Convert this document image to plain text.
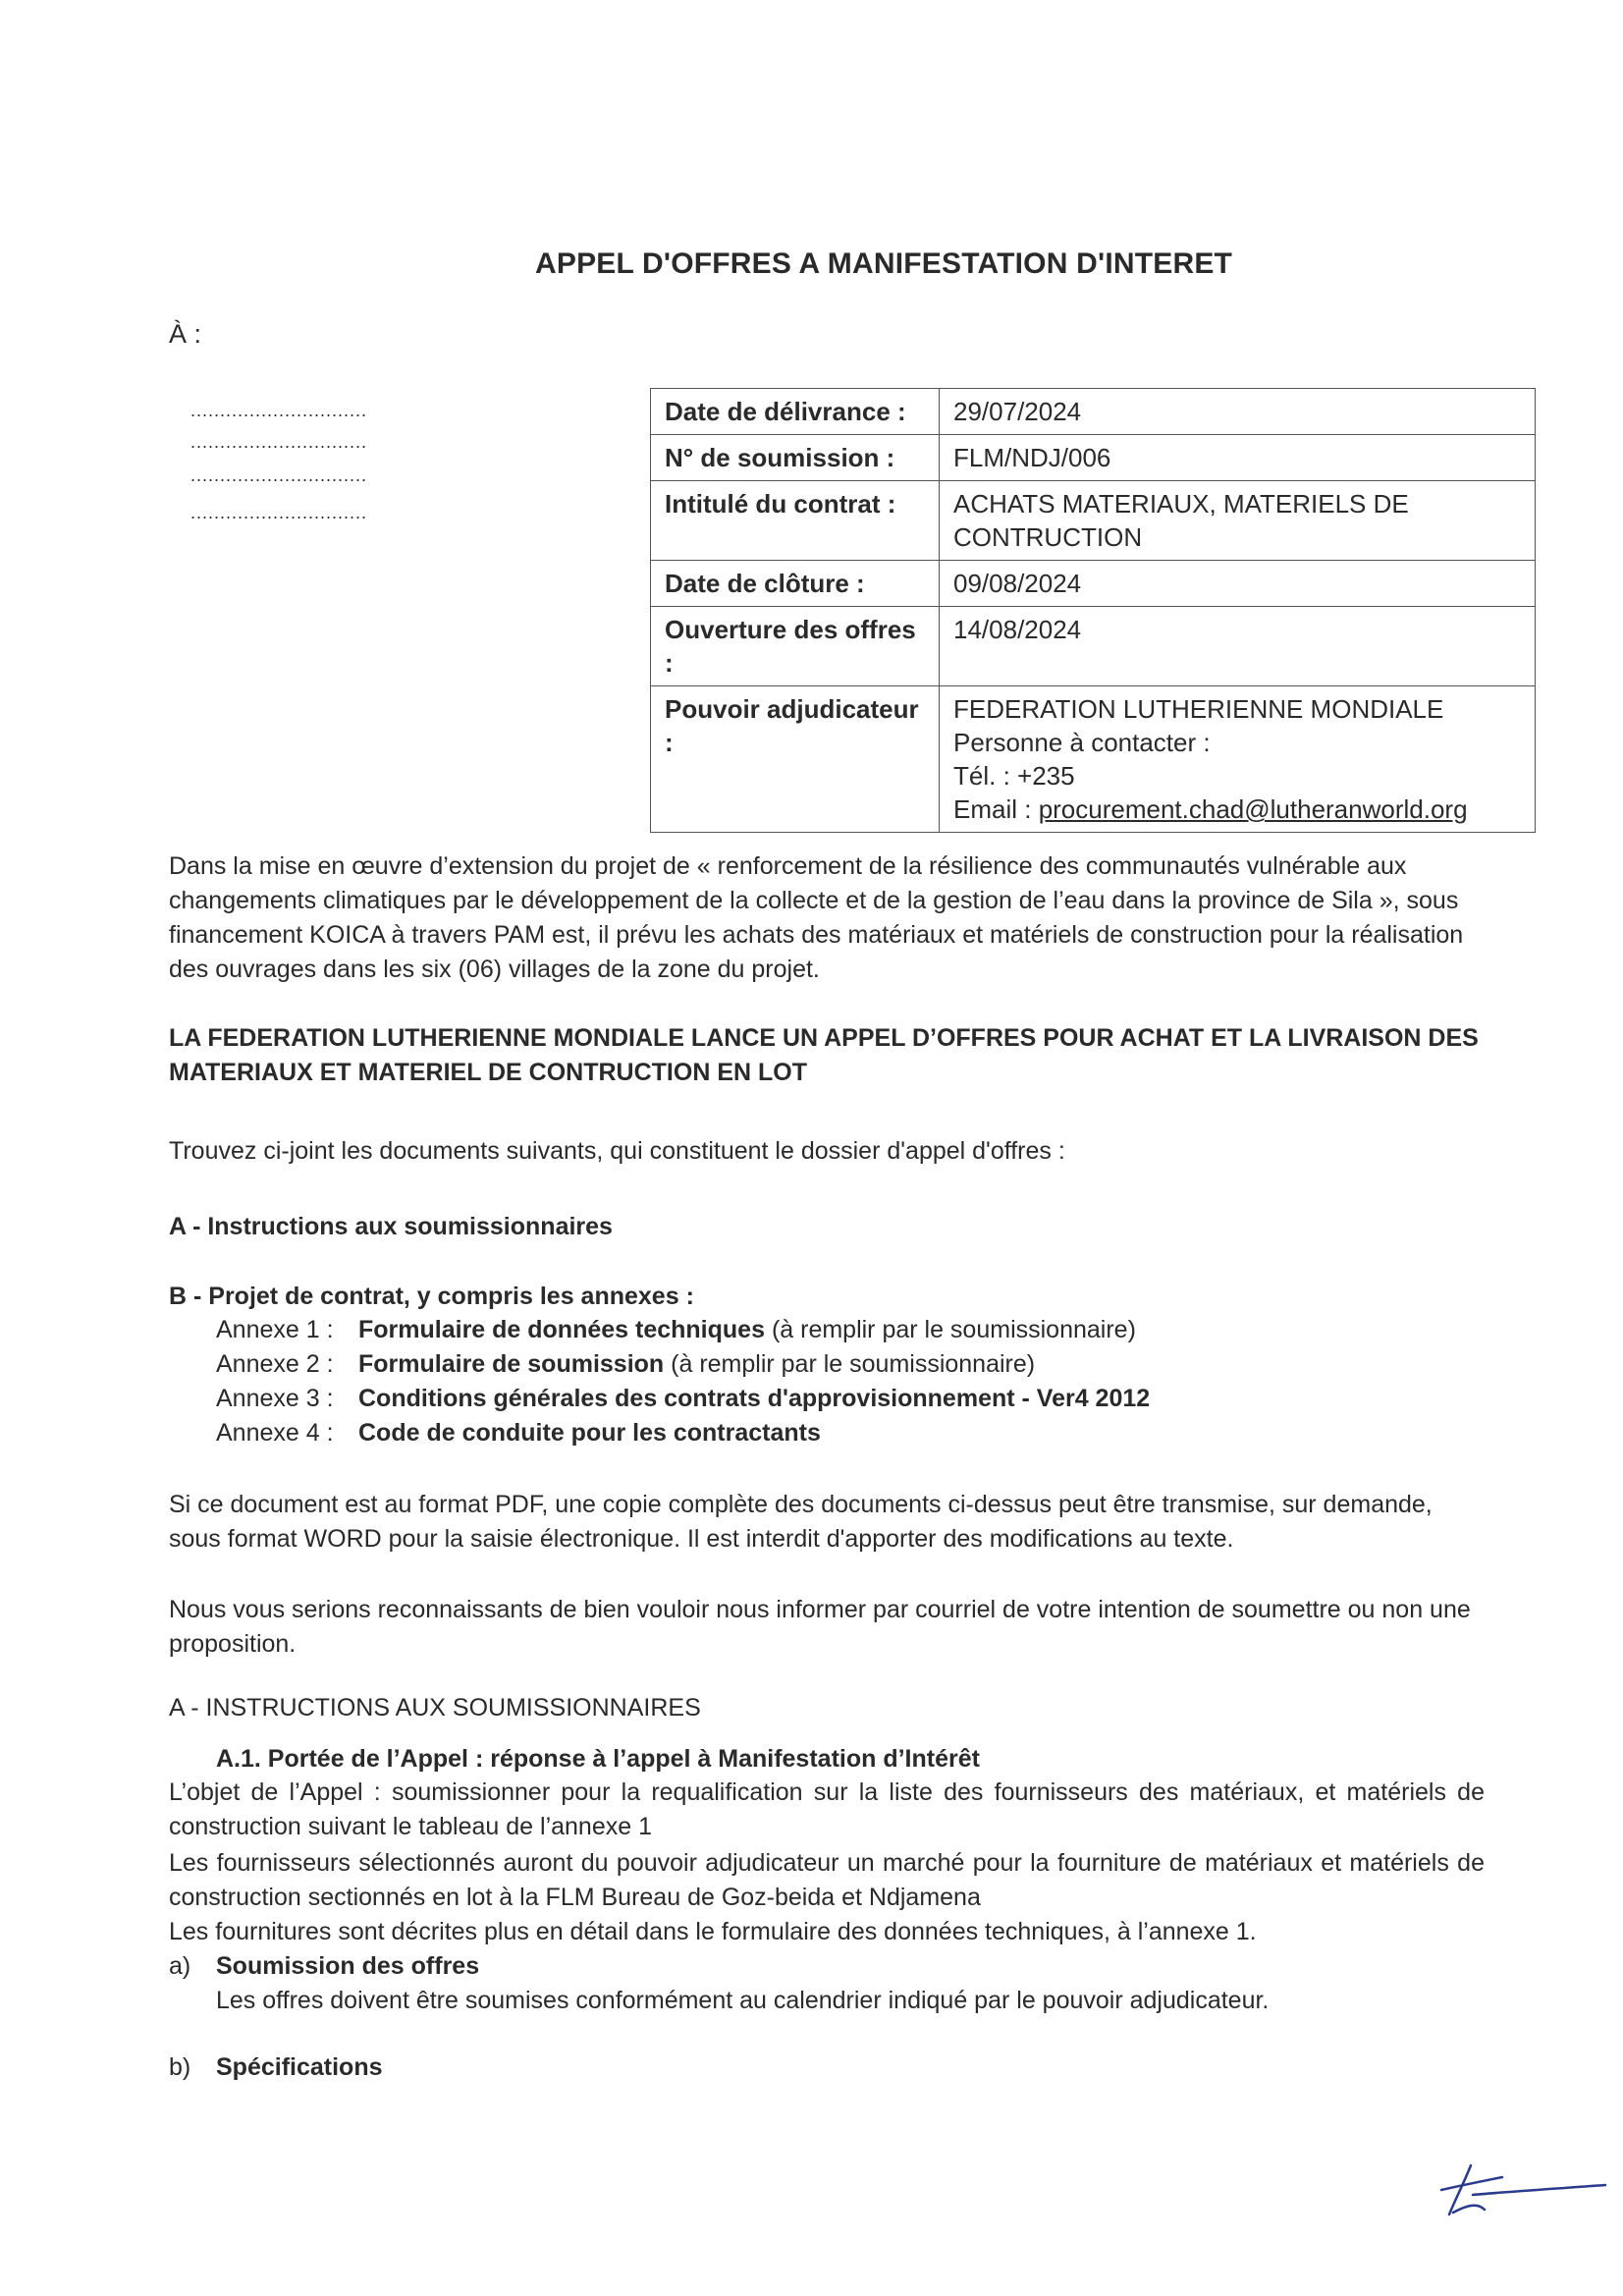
APPEL D'OFFRES A MANIFESTATION D'INTERET
À :
..............................
..............................
..............................
..............................
Date de délivrance :	29/07/2024
N° de soumission :	FLM/NDJ/006
Intitulé du contrat :	ACHATS MATERIAUX, MATERIELS DE CONTRUCTION
Date de clôture :	09/08/2024
Ouverture des offres :	14/08/2024
Pouvoir adjudicateur :	FEDERATION LUTHERIENNE MONDIALE
Personne à contacter :
Tél. : +235
Email : procurement.chad@lutheranworld.org
Dans la mise en œuvre d’extension du projet de « renforcement de la résilience des communautés vulnérable aux changements climatiques par le développement de la collecte et de la gestion de l’eau dans la province de Sila », sous financement KOICA à travers PAM est, il prévu les achats des matériaux et matériels de construction pour la réalisation des ouvrages dans les six (06) villages de la zone du projet.
LA FEDERATION LUTHERIENNE MONDIALE LANCE UN APPEL D’OFFRES POUR ACHAT ET LA LIVRAISON DES MATERIAUX ET MATERIEL DE CONTRUCTION EN LOT
Trouvez ci-joint les documents suivants, qui constituent le dossier d'appel d'offres :
A - Instructions aux soumissionnaires
B - Projet de contrat, y compris les annexes :
Annexe 1 : Formulaire de données techniques (à remplir par le soumissionnaire)
Annexe 2 : Formulaire de soumission (à remplir par le soumissionnaire)
Annexe 3 : Conditions générales des contrats d'approvisionnement - Ver4 2012
Annexe 4 : Code de conduite pour les contractants
Si ce document est au format PDF, une copie complète des documents ci-dessus peut être transmise, sur demande, sous format WORD pour la saisie électronique. Il est interdit d'apporter des modifications au texte.
Nous vous serions reconnaissants de bien vouloir nous informer par courriel de votre intention de soumettre ou non une proposition.
A - INSTRUCTIONS AUX SOUMISSIONNAIRES
A.1. Portée de l’Appel : réponse à l’appel à Manifestation d’Intérêt
L’objet de l’Appel : soumissionner pour la requalification sur la liste des fournisseurs des matériaux, et matériels de construction suivant le tableau de l’annexe 1
Les fournisseurs sélectionnés auront du pouvoir adjudicateur un marché pour la fourniture de matériaux et matériels de construction sectionnés en lot à la FLM Bureau de Goz-beida et Ndjamena
Les fournitures sont décrites plus en détail dans le formulaire des données techniques, à l’annexe 1.
a) Soumission des offres
Les offres doivent être soumises conformément au calendrier indiqué par le pouvoir adjudicateur.
b) Spécifications
